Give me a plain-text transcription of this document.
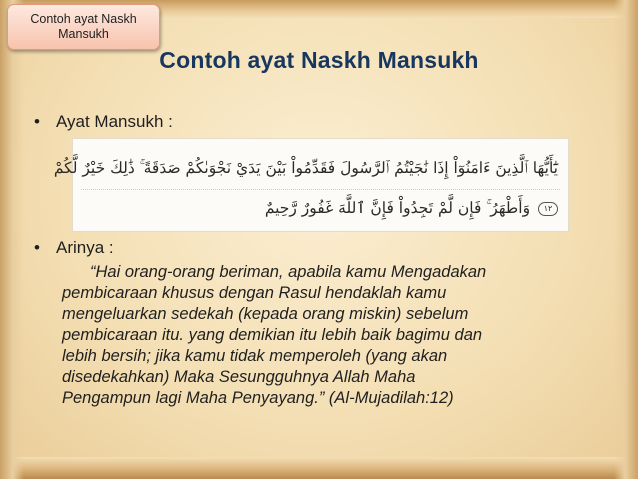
Contoh ayat Naskh Mansukh
Contoh ayat Naskh Mansukh
• Ayat Mansukh :
يَٰٓأَيُّهَا ٱلَّذِينَ ءَامَنُوٓاْ إِذَا نَٰجَيْتُمُ ٱلرَّسُولَ فَقَدِّمُواْ بَيْنَ يَدَيْ نَجْوَىٰكُمْ صَدَقَةً ۚ ذَٰلِكَ خَيْرٌ لَّكُمْ
١٢ وَأَطْهَرُ ۚ فَإِن لَّمْ تَجِدُواْ فَإِنَّ ٱللَّهَ غَفُورٌ رَّحِيمٌ
• Arinya :
“Hai orang-orang beriman, apabila kamu Mengadakan
pembicaraan khusus dengan Rasul hendaklah kamu
mengeluarkan sedekah (kepada orang miskin) sebelum
pembicaraan itu. yang demikian itu lebih baik bagimu dan
lebih bersih; jika kamu tidak memperoleh (yang akan
disedekahkan) Maka Sesungguhnya Allah Maha
Pengampun lagi Maha Penyayang.” (Al-Mujadilah:12)
